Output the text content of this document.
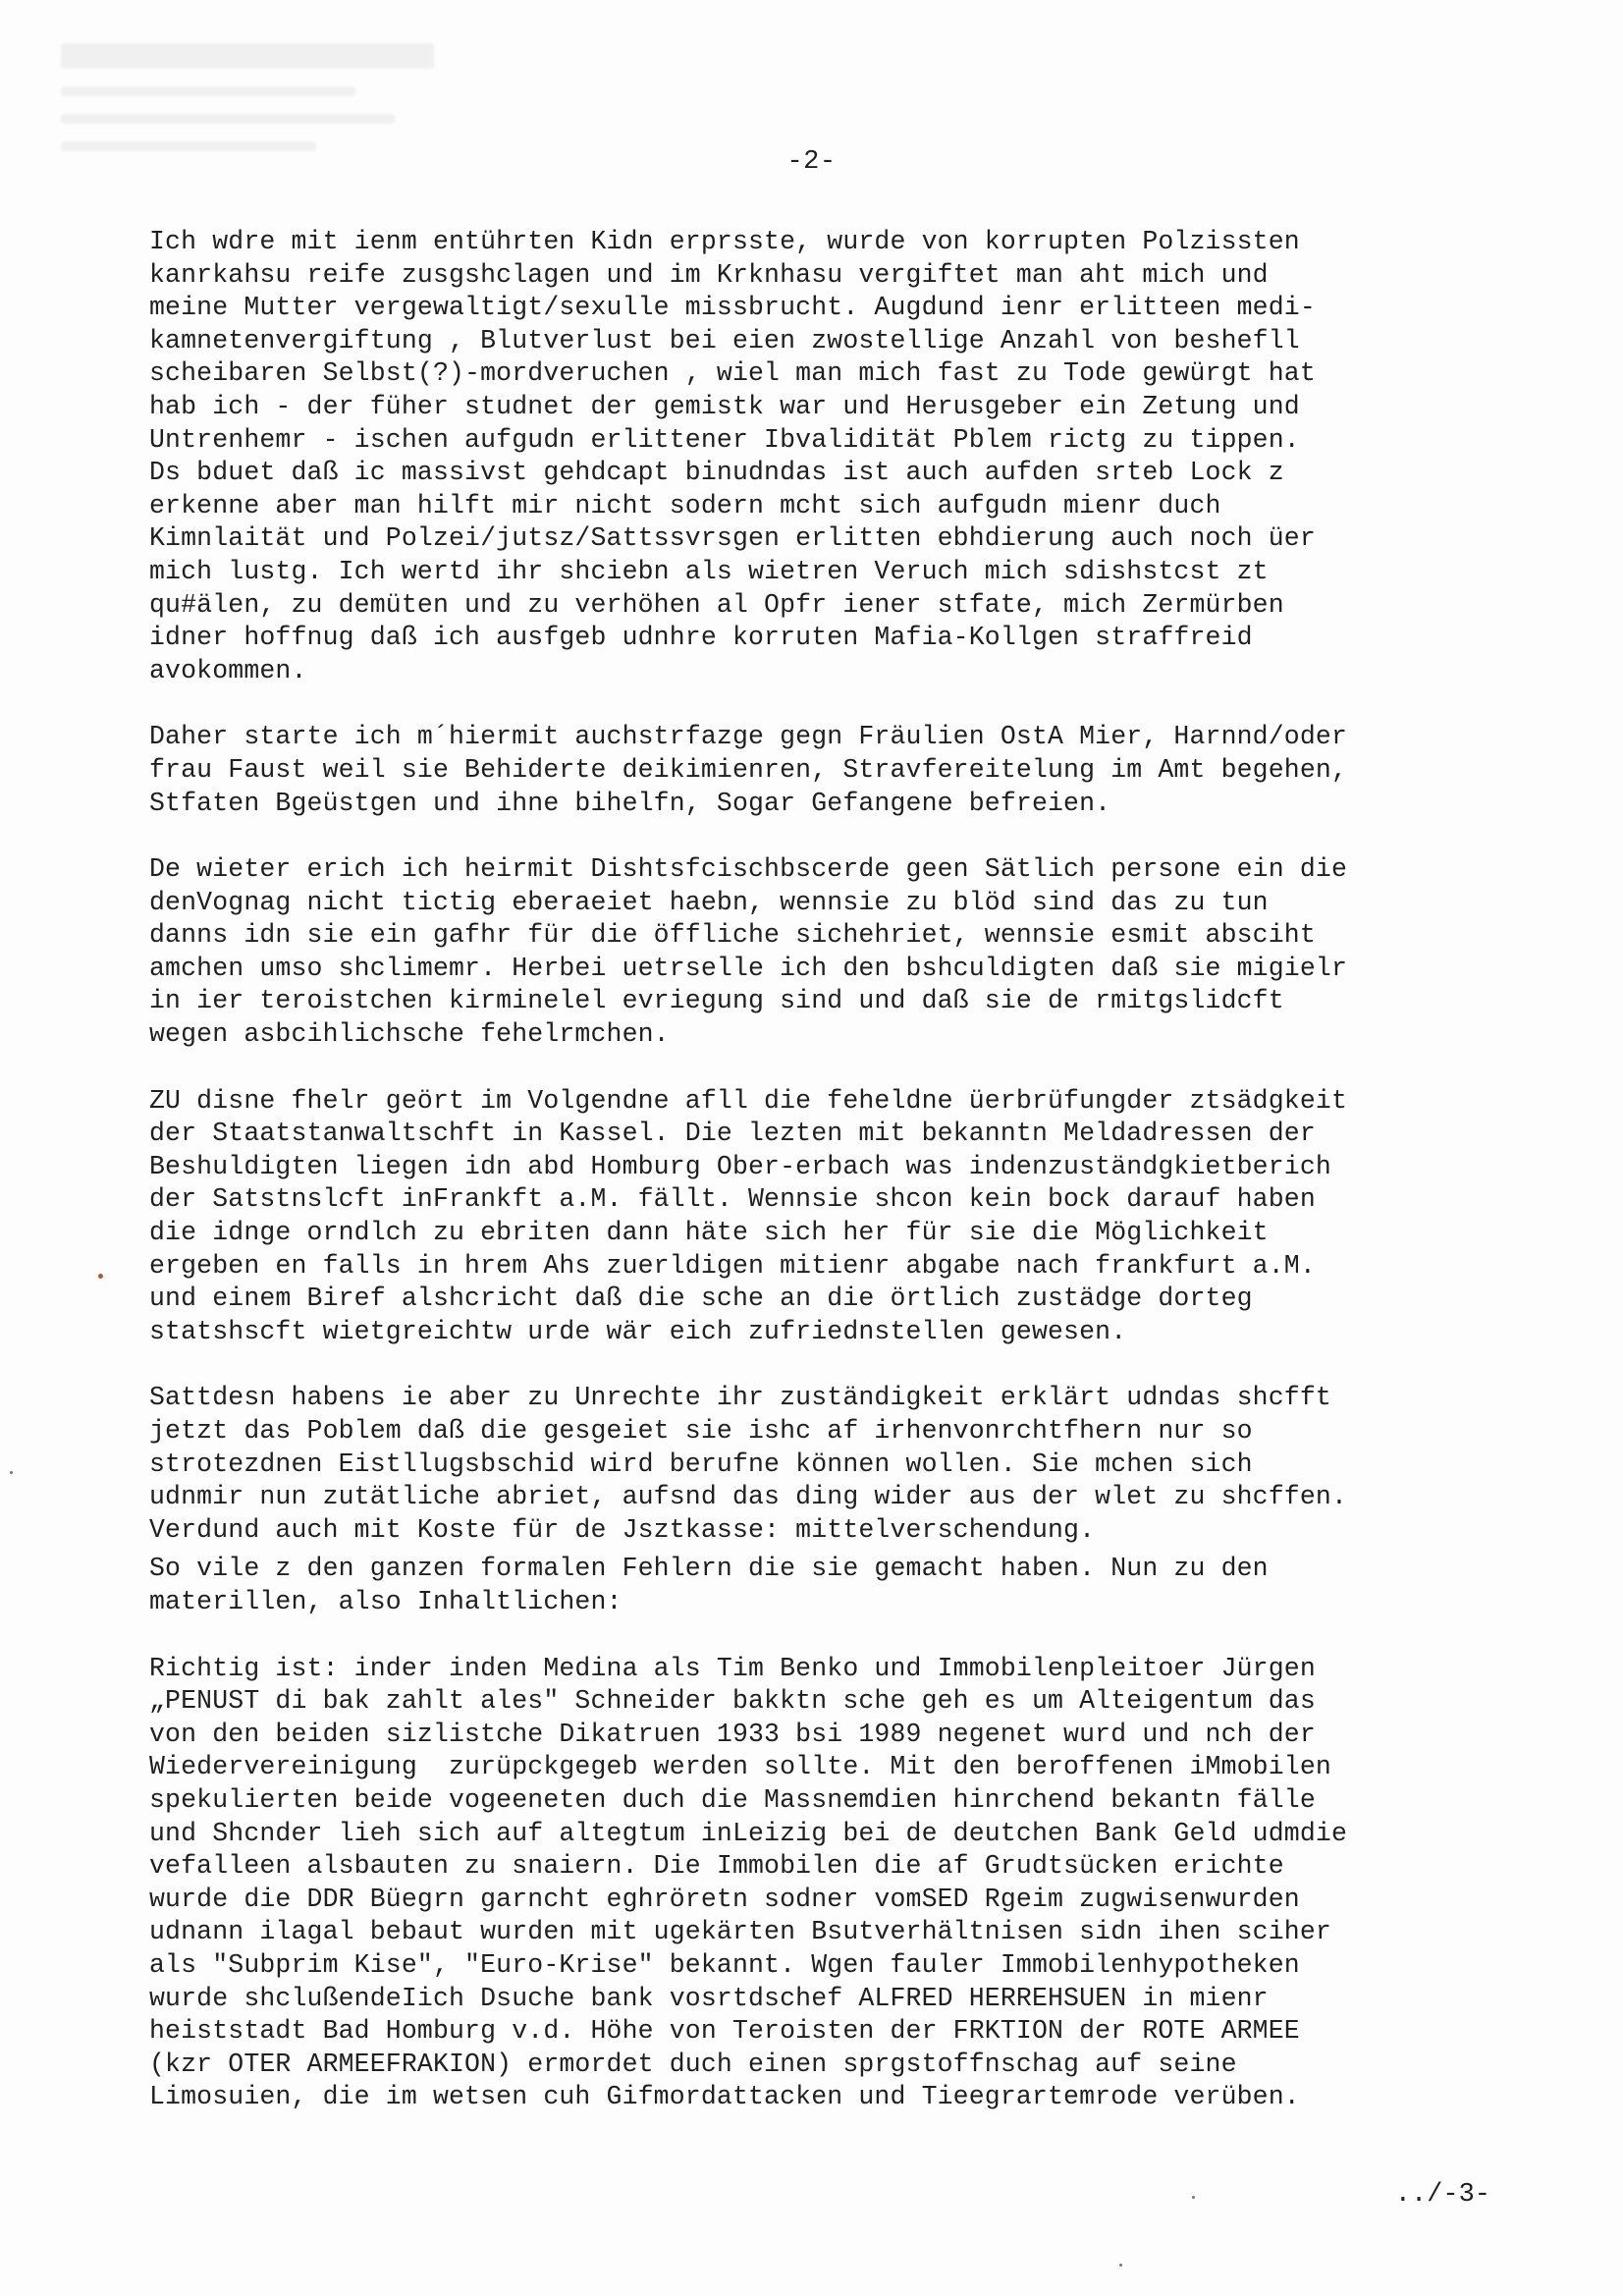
-2-

Ich wdre mit ienm entührten Kidn erprsste, wurde von korrupten Polzissten

kanrkahsu reife zusgshclagen und im Krknhasu vergiftet man aht mich und

meine Mutter vergewaltigt/sexulle missbrucht. Augdund ienr erlitteen medi-

kamnetenvergiftung , Blutverlust bei eien zwostellige Anzahl von beshefll

scheibaren Selbst(?)-mordveruchen , wiel man mich fast zu Tode gewürgt hat

hab ich - der füher studnet der gemistk war und Herusgeber ein Zetung und

Untrenhemr - ischen aufgudn erlittener Ibvalidität Pblem rictg zu tippen.

Ds bduet daß ic massivst gehdcapt binudndas ist auch aufden srteb Lock z

erkenne aber man hilft mir nicht sodern mcht sich aufgudn mienr duch

Kimnlaität und Polzei/jutsz/Sattssvrsgen erlitten ebhdierung auch noch üer

mich lustg. Ich wertd ihr shciebn als wietren Veruch mich sdishstcst zt

qu#älen, zu demüten und zu verhöhen al Opfr iener stfate, mich Zermürben

idner hoffnug daß ich ausfgeb udnhre korruten Mafia-Kollgen straffreid

avokommen.

Daher starte ich m´hiermit auchstrfazge gegn Fräulien OstA Mier, Harnnd/oder

frau Faust weil sie Behiderte deikimienren, Stravfereitelung im Amt begehen,

Stfaten Bgeüstgen und ihne bihelfn, Sogar Gefangene befreien.

De wieter erich ich heirmit Dishtsfcischbscerde geen Sätlich persone ein die

denVognag nicht tictig eberaeiet haebn, wennsie zu blöd sind das zu tun

danns idn sie ein gafhr für die öffliche sichehriet, wennsie esmit absciht

amchen umso shclimemr. Herbei uetrselle ich den bshculdigten daß sie migielr

in ier teroistchen kirminelel evriegung sind und daß sie de rmitgslidcft

wegen asbcihlichsche fehelrmchen.

ZU disne fhelr geört im Volgendne afll die feheldne üerbrüfungder ztsädgkeit

der Staatstanwaltschft in Kassel. Die lezten mit bekanntn Meldadressen der

Beshuldigten liegen idn abd Homburg Ober-erbach was indenzuständgkietberich

der Satstnslcft inFrankft a.M. fällt. Wennsie shcon kein bock darauf haben

die idnge orndlch zu ebriten dann häte sich her für sie die Möglichkeit

ergeben en falls in hrem Ahs zuerldigen mitienr abgabe nach frankfurt a.M.

und einem Biref alshcricht daß die sche an die örtlich zustädge dorteg

statshscft wietgreichtw urde wär eich zufriednstellen gewesen.

Sattdesn habens ie aber zu Unrechte ihr zuständigkeit erklärt udndas shcfft

jetzt das Poblem daß die gesgeiet sie ishc af irhenvonrchtfhern nur so

strotezdnen Eistllugsbschid wird berufne können wollen. Sie mchen sich

udnmir nun zutätliche abriet, aufsnd das ding wider aus der wlet zu shcffen.

Verdund auch mit Koste für de Jsztkasse: mittelverschendung.

So vile z den ganzen formalen Fehlern die sie gemacht haben. Nun zu den

materillen, also Inhaltlichen:

Richtig ist: inder inden Medina als Tim Benko und Immobilenpleitoer Jürgen

„PENUST di bak zahlt ales" Schneider bakktn sche geh es um Alteigentum das

von den beiden sizlistche Dikatruen 1933 bsi 1989 negenet wurd und nch der

Wiedervereinigung  zurüpckgegeb werden sollte. Mit den beroffenen iMmobilen

spekulierten beide vogeeneten duch die Massnemdien hinrchend bekantn fälle

und Shcnder lieh sich auf altegtum inLeizig bei de deutchen Bank Geld udmdie

vefalleen alsbauten zu snaiern. Die Immobilen die af Grudtsücken erichte

wurde die DDR Büegrn garncht eghröretn sodner vomSED Rgeim zugwisenwurden

udnann ilagal bebaut wurden mit ugekärten Bsutverhältnisen sidn ihen sciher

als "Subprim Kise", "Euro-Krise" bekannt. Wgen fauler Immobilenhypotheken

wurde shclußendeIich Dsuche bank vosrtdschef ALFRED HERREHSUEN in mienr

heiststadt Bad Homburg v.d. Höhe von Teroisten der FRKTION der ROTE ARMEE

(kzr OTER ARMEEFRAKION) ermordet duch einen sprgstoffnschag auf seine

Limosuien, die im wetsen cuh Gifmordattacken und Tieegrartemrode verüben.

../-3-
